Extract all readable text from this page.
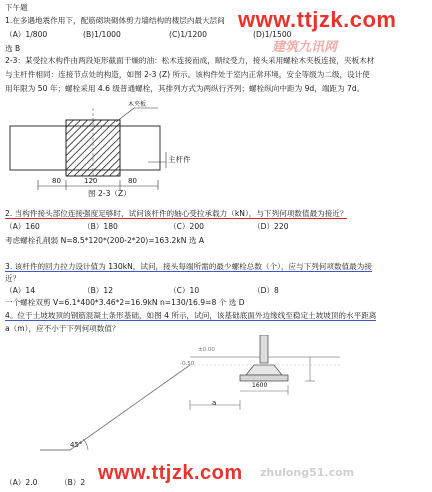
下午题	www.ttjzk.com
建筑九讯网
1.在多遇地震作用下，配筋砌块砌体剪力墙结构的楼层内最大层间
（A）1/800	(B)1/1000	(C)1/1200	(D)1/1500
选 B
2-3：某受拉木构件由两段矩形截面干燥的油：松木连接而成，顺纹受力，接头采用螺栓木夹板连接，夹板木材
与主杆件相同：连接节点处的构造，如图 2-3 (Z) 所示。该构件处于室内正常环境，安全等级为二级，设计使
用年限为 50 年；螺栓采用 4.6 级普通螺栓，其排列方式为两纵行齐列；螺栓纵向中距为 9d，端距为 7d。
木夹板
主杆件
80	120	80
图 2-3（Z）
2. 当构件接头部位连接强度足够时，试问该杆件的轴心受拉承载力（kN），与下列何项数值最为接近？
（A）160	（B）180	（C）200	（D）220
考虑螺栓孔削弱 N=8.5*120*(200-2*20)=163.2kN 选 A
3. 该杆件的回力拉力设计值为 130kN，试问，接头每端所需的最少螺栓总数（个），应与下列何项数值最为接
近？
（A）14	（B）12	（C）10	（D）8
一个螺栓双剪 V=6.1*400*3.46*2=16.9kN n=130/16.9=8 个 选 D
4。位于土坡坡顶的钢筋混凝土条形基础，如图 4 所示，试问，该基础底面外边缘线至稳定土坡坡顶的水平距离
a（m），应不小于下列何项数值？
±0.00
-0.50
1600
a
45°
www.ttjzk.com zhulong51.com
（A）2.0	（B）2
